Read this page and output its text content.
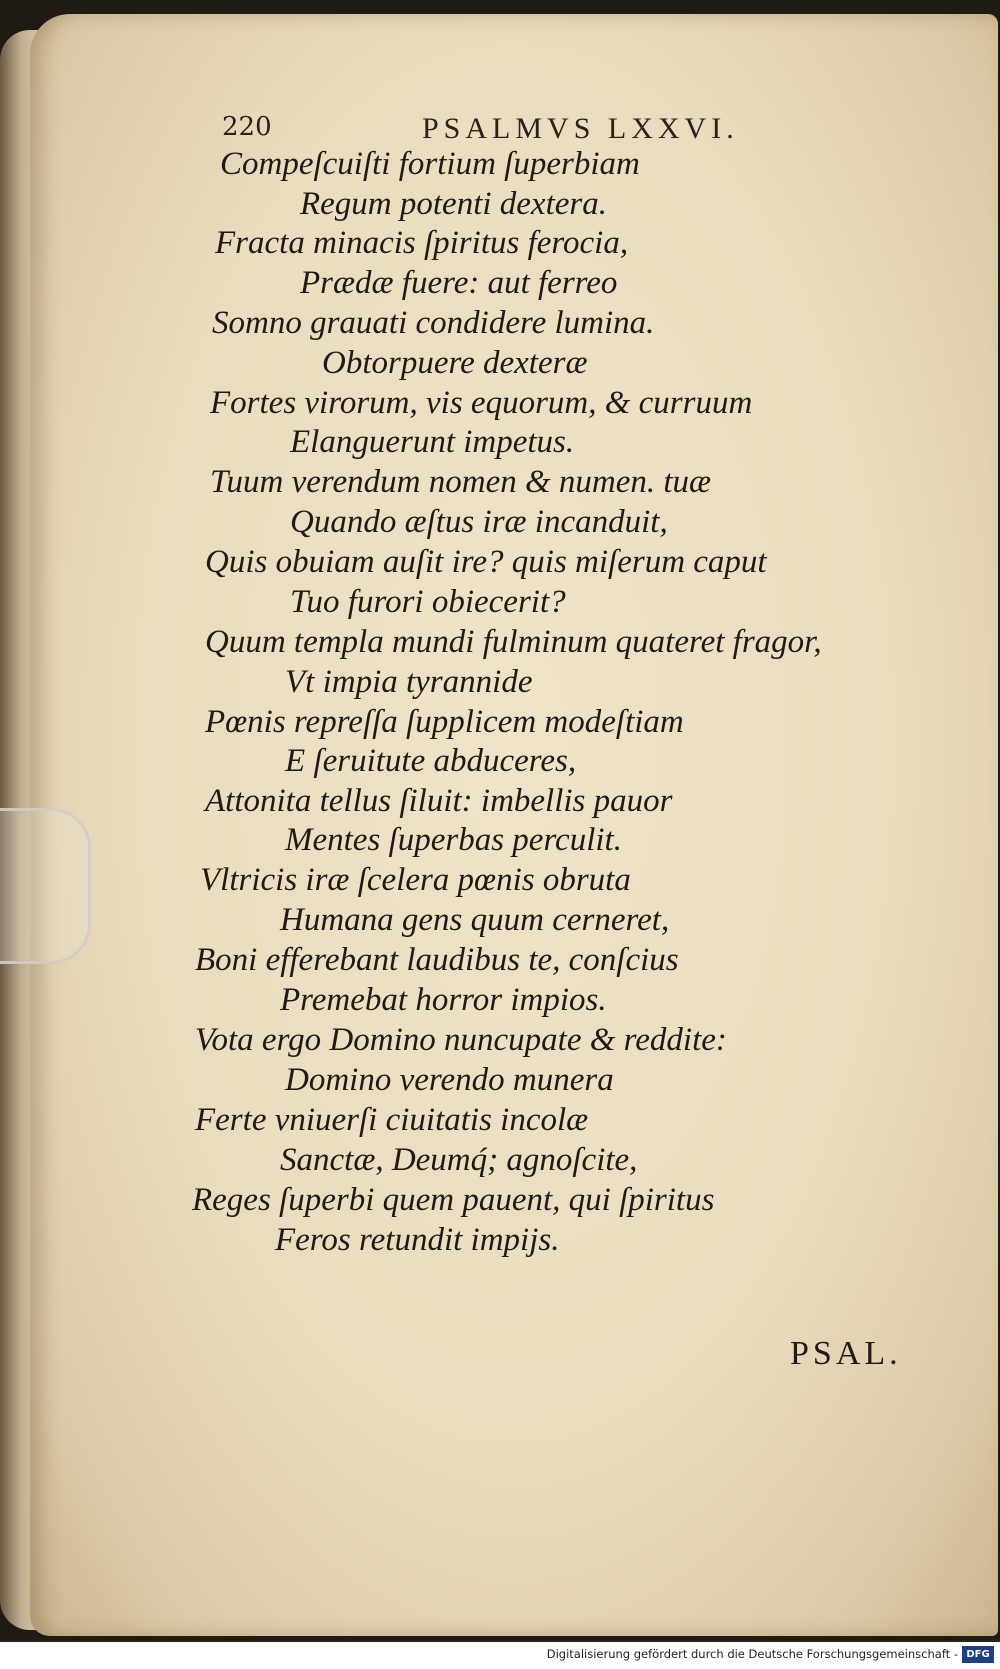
220	PSALMVS LXXVI.
Compeſcuiſti fortium ſuperbiam
Regum potenti dextera.
Fracta minacis ſpiritus ferocia,
Prædæ fuere: aut ferreo
Somno grauati condidere lumina.
Obtorpuere dexteræ
Fortes virorum, vis equorum, & curruum
Elanguerunt impetus.
Tuum verendum nomen & numen. tuæ
Quando æſtus iræ incanduit,
Quis obuiam auſit ire? quis miſerum caput
Tuo furori obiecerit?
Quum templa mundi fulminum quateret fragor,
Vt impia tyrannide
Pœnis repreſſa ſupplicem modeſtiam
E ſeruitute abduceres,
Attonita tellus ſiluit: imbellis pauor
Mentes ſuperbas perculit.
Vltricis iræ ſcelera pœnis obruta
Humana gens quum cerneret,
Boni efferebant laudibus te, conſcius
Premebat horror impios.
Vota ergo Domino nuncupate & reddite:
Domino verendo munera
Ferte vniuerſi ciuitatis incolæ
Sanctæ, Deumq́; agnoſcite,
Reges ſuperbi quem pauent, qui ſpiritus
Feros retundit impijs.
PSAL.
Digitalisierung gefördert durch die Deutsche Forschungsgemeinschaft - DFG
